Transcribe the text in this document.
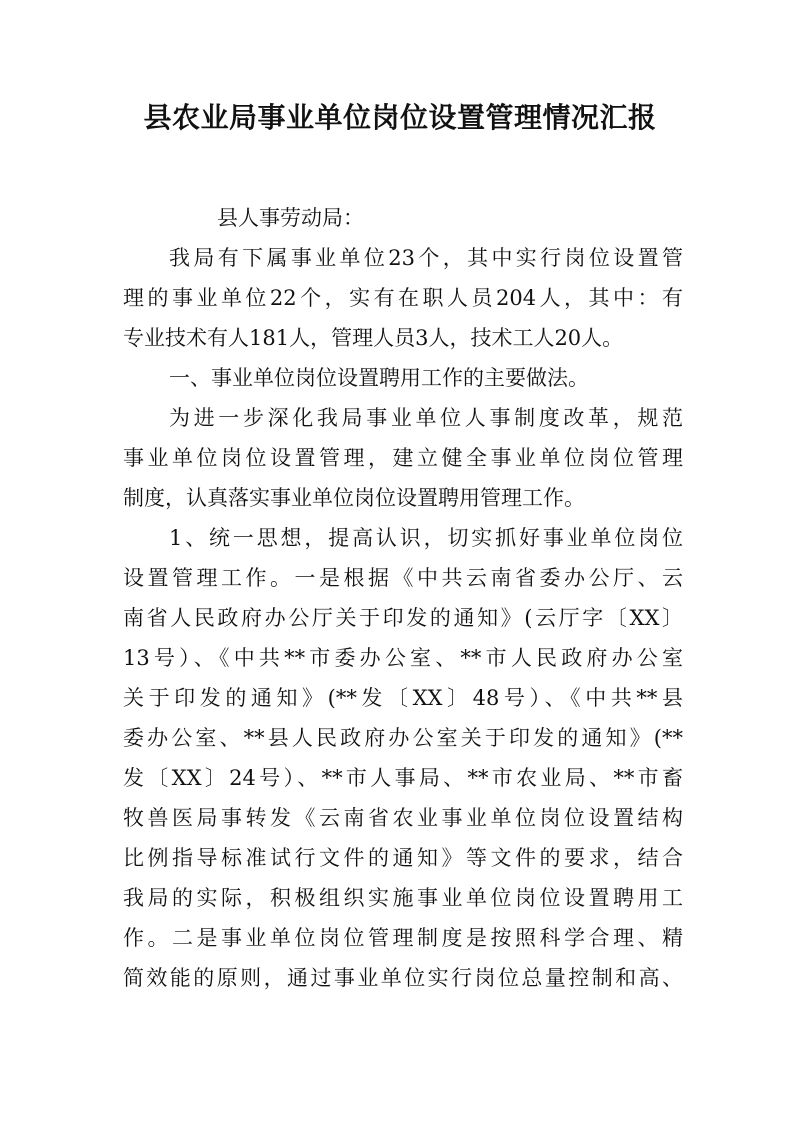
县农业局事业单位岗位设置管理情况汇报
县人事劳动局：
我局有下属事业单位23个，其中实行岗位设置管
理的事业单位22个，实有在职人员204人，其中：有
专业技术有人181人，管理人员3人，技术工人20人。
一、事业单位岗位设置聘用工作的主要做法。
为进一步深化我局事业单位人事制度改革，规范
事业单位岗位设置管理，建立健全事业单位岗位管理
制度，认真落实事业单位岗位设置聘用管理工作。
1、统一思想，提高认识，切实抓好事业单位岗位
设置管理工作。一是根据《中共云南省委办公厅、云
南省人民政府办公厅关于印发的通知》(云厅字〔XX〕
13号）、《中共**市委办公室、**市人民政府办公室
关于印发的通知》(**发〔XX〕48号）、《中共**县
委办公室、**县人民政府办公室关于印发的通知》(**
发〔XX〕24号）、**市人事局、**市农业局、**市畜
牧兽医局事转发《云南省农业事业单位岗位设置结构
比例指导标准试行文件的通知》等文件的要求，结合
我局的实际，积极组织实施事业单位岗位设置聘用工
作。二是事业单位岗位管理制度是按照科学合理、精
简效能的原则，通过事业单位实行岗位总量控制和高、
